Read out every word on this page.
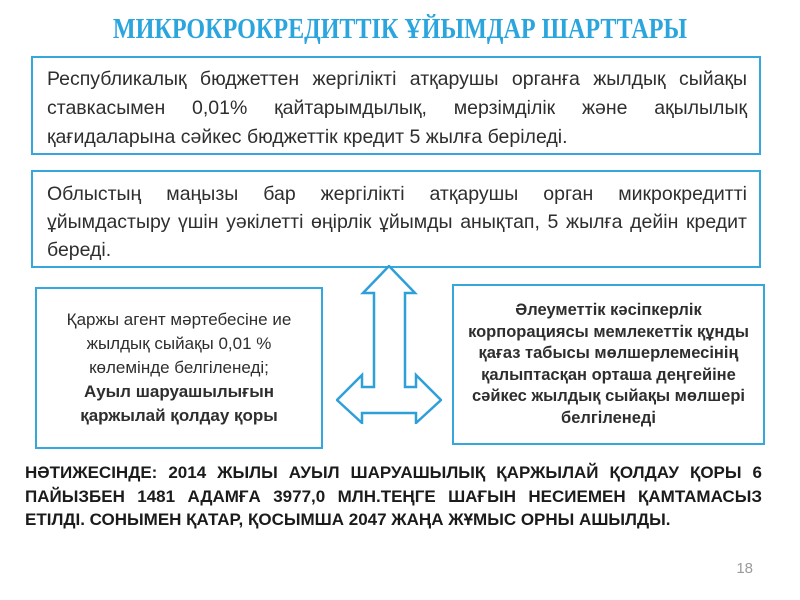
МИКРОКРОКРЕДИТТІК ҰЙЫМДАР ШАРТТАРЫ
Республикалық бюджеттен жергілікті атқарушы органға жылдық сыйақы ставкасымен 0,01% қайтарымдылық, мерзімділік және ақылылық қағидаларына сәйкес бюджеттік кредит 5 жылға беріледі.
Облыстың маңызы бар жергілікті атқарушы орган микрокредитті ұйымдастыру үшін уәкілетті өңірлік ұйымды анықтап, 5 жылға дейін кредит береді.
Қаржы агент мәртебесіне ие жылдық сыйақы 0,01 % көлемінде белгіленеді;
Ауыл шаруашылығын қаржылай қолдау қоры
Әлеуметтік кәсіпкерлік корпорациясы мемлекеттік құнды қағаз табысы мөлшерлемесінің қалыптасқан орташа деңгейіне сәйкес жылдық сыйақы мөлшері белгіленеді
НӘТИЖЕСІНДЕ: 2014 ЖЫЛЫ АУЫЛ ШАРУАШЫЛЫҚ ҚАРЖЫЛАЙ ҚОЛДАУ ҚОРЫ 6 ПАЙЫЗБЕН 1481 АДАМҒА 3977,0 МЛН.ТЕҢГЕ ШАҒЫН НЕСИЕМЕН ҚАМТАМАСЫЗ ЕТІЛДІ. СОНЫМЕН ҚАТАР, ҚОСЫМША 2047 ЖАҢА ЖҰМЫС ОРНЫ АШЫЛДЫ.
18
